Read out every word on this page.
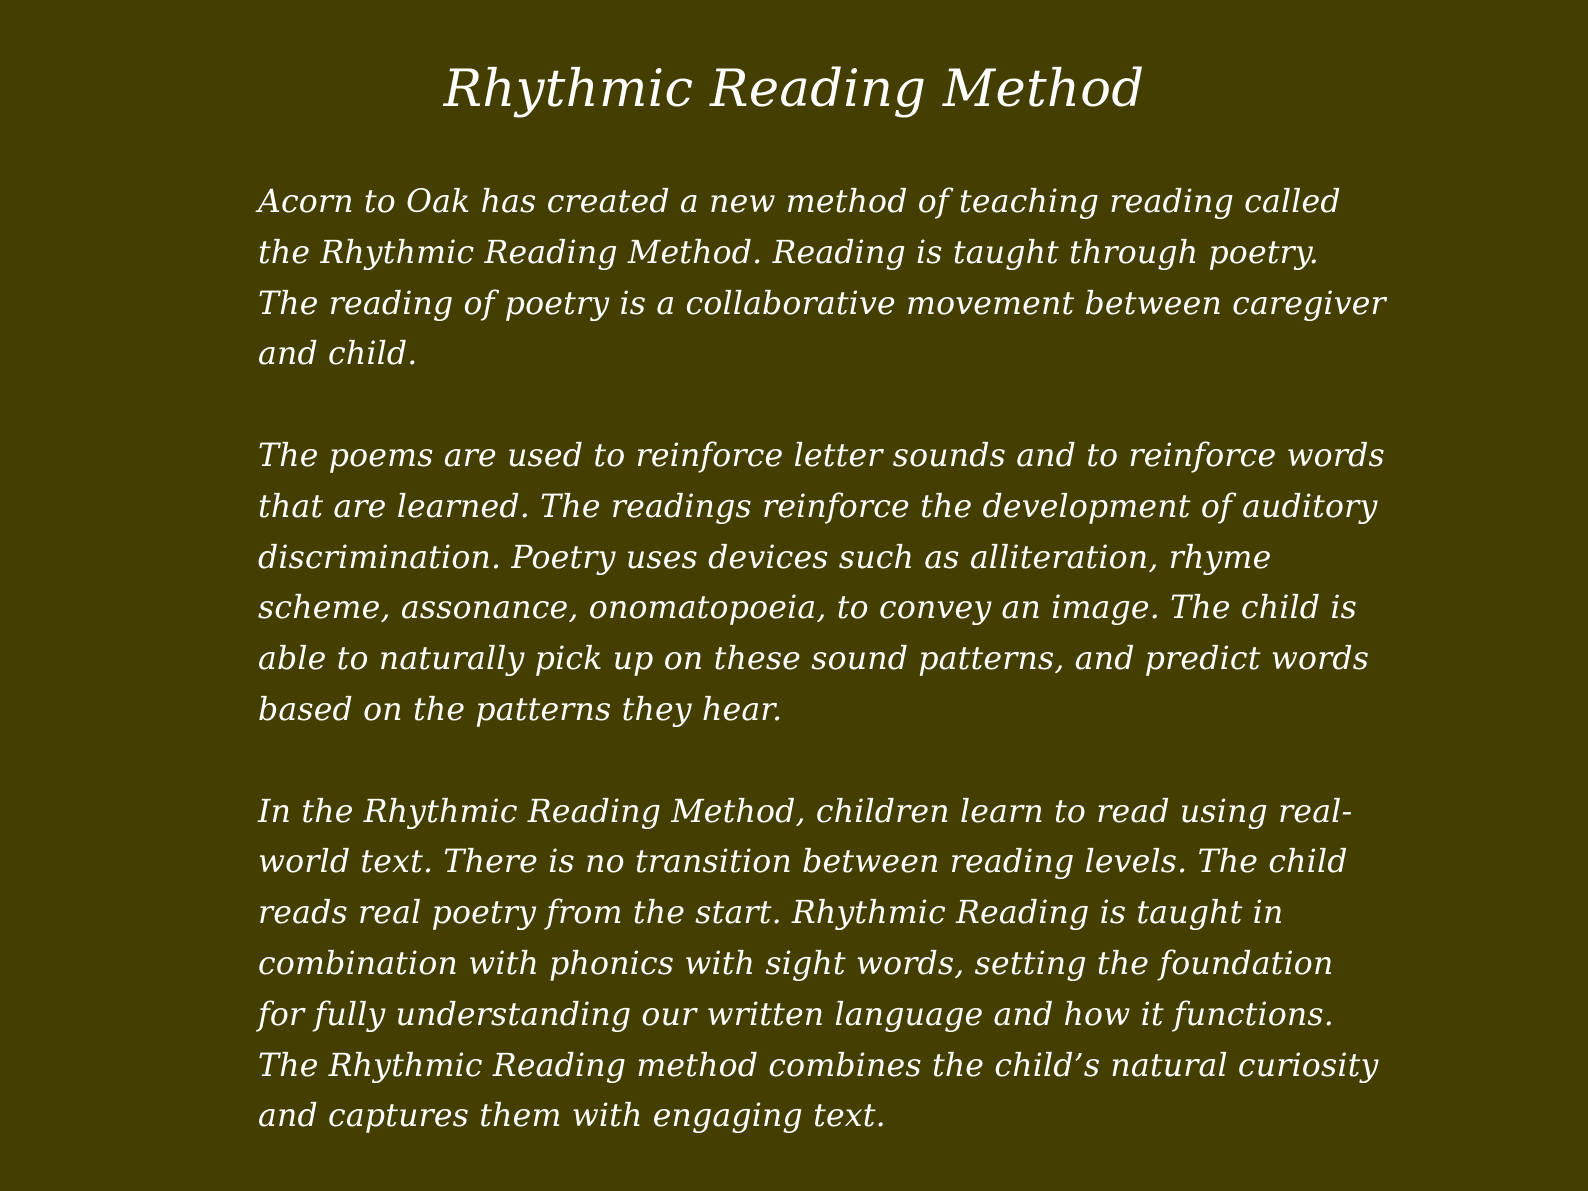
Rhythmic Reading Method
Acorn to Oak has created a new method of teaching reading called
the Rhythmic Reading Method. Reading is taught through poetry.
The reading of poetry is a collaborative movement between caregiver
and child.
The poems are used to reinforce letter sounds and to reinforce words
that are learned. The readings reinforce the development of auditory
discrimination. Poetry uses devices such as alliteration, rhyme
scheme, assonance, onomatopoeia, to convey an image. The child is
able to naturally pick up on these sound patterns, and predict words
based on the patterns they hear.
In the Rhythmic Reading Method, children learn to read using real-
world text. There is no transition between reading levels. The child
reads real poetry from the start. Rhythmic Reading is taught in
combination with phonics with sight words, setting the foundation
for fully understanding our written language and how it functions.
The Rhythmic Reading method combines the child’s natural curiosity
and captures them with engaging text.
